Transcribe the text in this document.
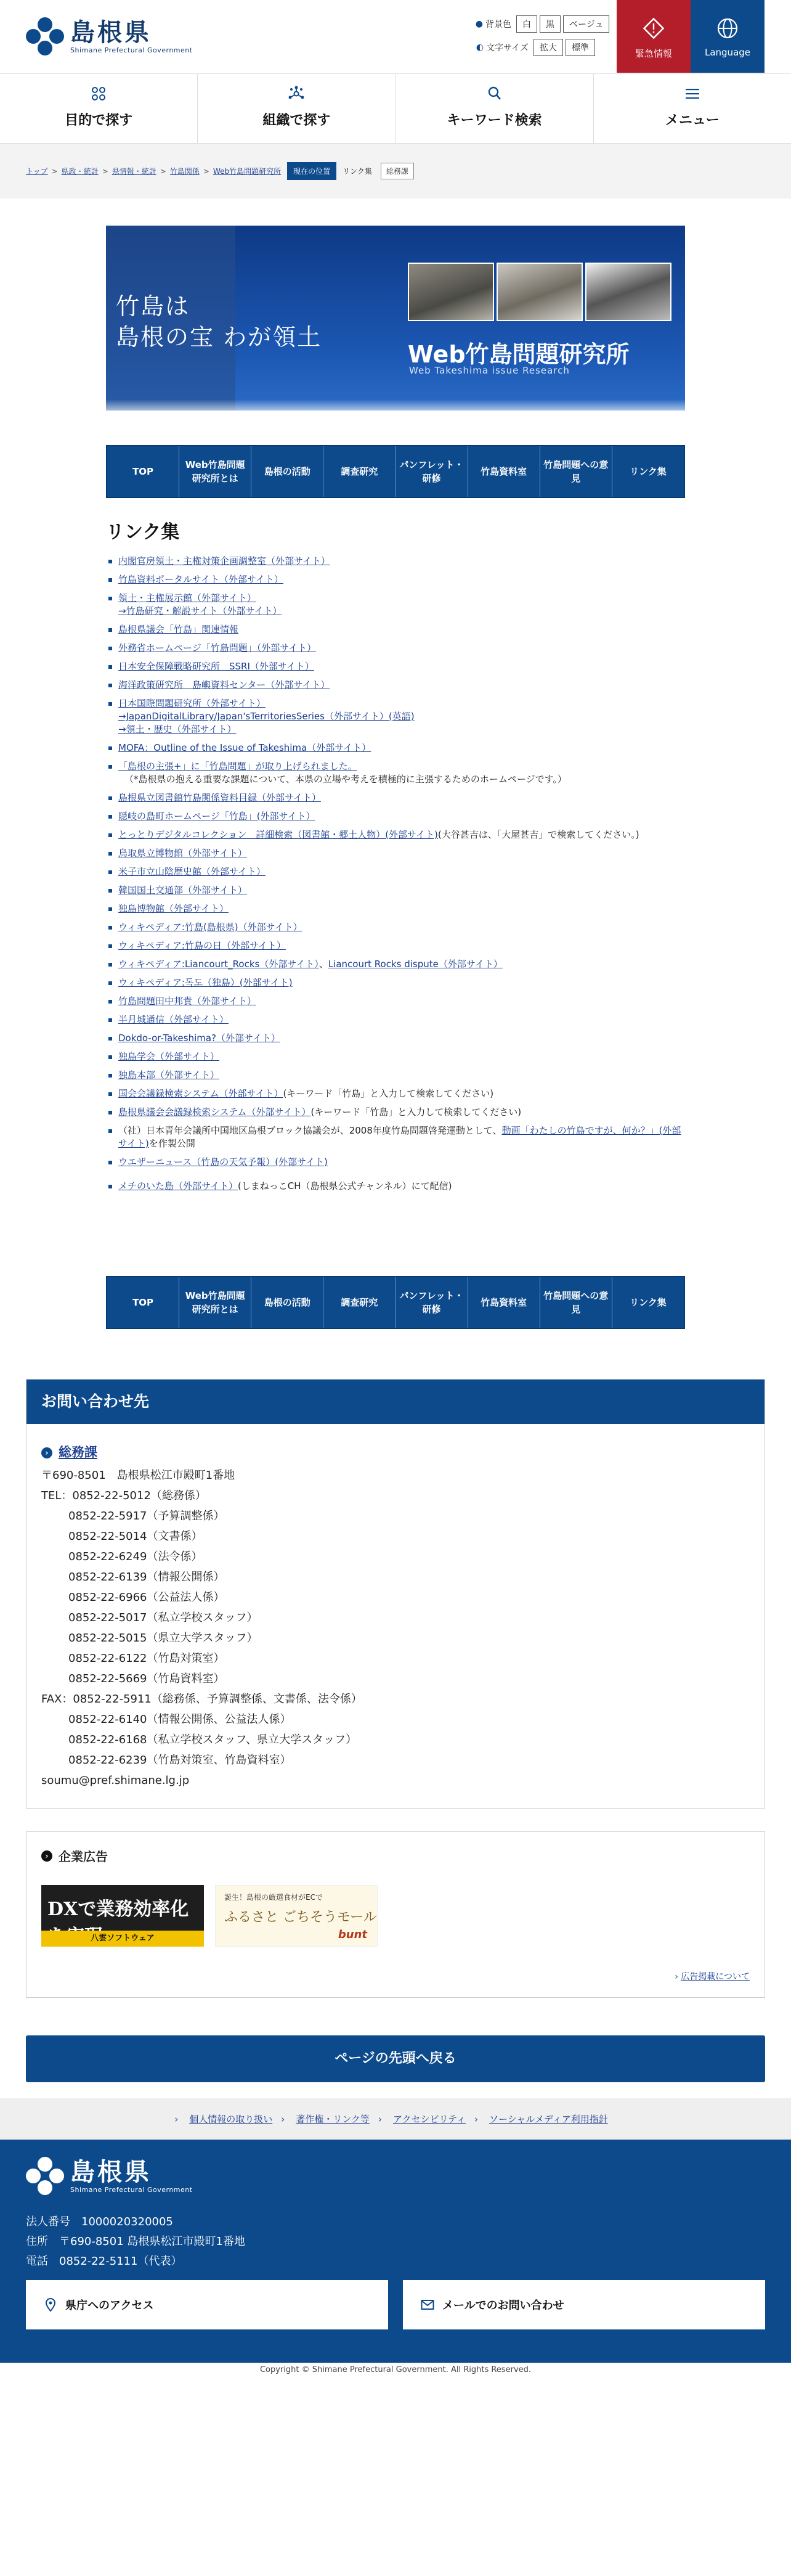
島根県
Shimane Prefectural Government
● 背景色	白	黒	ベージュ
◐ 文字サイズ	拡大	標準
緊急情報	Language
目的で探す	組織で探す	キーワード検索	メニュー
トップ > 県政・統計 > 県情報・統計 > 竹島関係 > Web竹島問題研究所	現在の位置	リンク集	総務課
竹島は
島根の宝 わが領土
Web竹島問題研究所
Web Takeshima issue Research
TOP
Web竹島問題研究所とは
島根の活動	調査研究
パンフレット・研修
竹島資料室
竹島問題への意見
リンク集
リンク集
内閣官房領土・主権対策企画調整室（外部サイト）
竹島資料ポータルサイト（外部サイト）
領土・主権展示館（外部サイト）
→竹島研究・解説サイト（外部サイト）
島根県議会「竹島」関連情報
外務省ホームページ「竹島問題」（外部サイト）
日本安全保障戦略研究所　SSRI（外部サイト）
海洋政策研究所　島嶼資料センター（外部サイト）
日本国際問題研究所（外部サイト）
→JapanDigitalLibrary/Japan'sTerritoriesSeries（外部サイト）(英語)
→領土・歴史（外部サイト）
MOFA：Outline of the Issue of Takeshima（外部サイト）
「島根の主張+」に「竹島問題」が取り上げられました。
（*島根県の抱える重要な課題について、本県の立場や考えを積極的に主張するためのホームページです。）
島根県立図書館竹島関係資料目録（外部サイト）
隠岐の島町ホームページ「竹島」(外部サイト）
とっとりデジタルコレクション　詳細検索（図書館・郷土人物）(外部サイト)(大谷甚吉は、「大屋甚吉」で検索してください。)
鳥取県立博物館（外部サイト）
米子市立山陰歴史館（外部サイト）
韓国国土交通部（外部サイト）
独島博物館（外部サイト）
ウィキペディア:竹島(島根県)（外部サイト）
ウィキペディア:竹島の日（外部サイト）
ウィキペディア:Liancourt_Rocks（外部サイト）、Liancourt Rocks dispute（外部サイト）
ウィキペディア:독도（独島）(外部サイト)
竹島問題田中邦貴（外部サイト）
半月城通信（外部サイト）
Dokdo-or-Takeshima?（外部サイト）
独島学会（外部サイト）
独島本部（外部サイト）
国会会議録検索システム（外部サイト）(キーワード「竹島」と入力して検索してください)
島根県議会会議録検索システム（外部サイト）(キーワード「竹島」と入力して検索してください)
（社）日本青年会議所中国地区島根ブロック協議会が、2008年度竹島問題啓発運動として、動画「わたしの竹島ですが、何か？」(外部サイト)を作製公開
ウエザーニュース（竹島の天気予報）(外部サイト)
メチのいた島（外部サイト）(しまねっこCH（島根県公式チャンネル）にて配信)
TOP
Web竹島問題研究所とは
島根の活動	調査研究
パンフレット・研修
竹島資料室
竹島問題への意見
リンク集
お問い合わせ先
› 総務課
〒690-8501　島根県松江市殿町1番地
TEL：0852-22-5012（総務係）
0852-22-5917（予算調整係）
0852-22-5014（文書係）
0852-22-6249（法令係）
0852-22-6139（情報公開係）
0852-22-6966（公益法人係）
0852-22-5017（私立学校スタッフ）
0852-22-5015（県立大学スタッフ）
0852-22-6122（竹島対策室）
0852-22-5669（竹島資料室）
FAX：0852-22-5911（総務係、予算調整係、文書係、法令係）
0852-22-6140（情報公開係、公益法人係）
0852-22-6168（私立学校スタッフ、県立大学スタッフ）
0852-22-6239（竹島対策室、竹島資料室）
soumu@pref.shimane.lg.jp
› 企業広告
DXで業務効率化
八雲ソフトウェア
誕生！島根の厳選食材がECで
ふるさと ごちそうモール
bunt
› 広告掲載について
ページの先頭へ戻る
› 個人情報の取り扱い › 著作権・リンク等 › アクセシビリティ › ソーシャルメディア利用指針
島根県
Shimane Prefectural Government
法人番号　1000020320005
住所　〒690-8501 島根県松江市殿町1番地
電話　0852-22-5111（代表）
県庁へのアクセス	メールでのお問い合わせ
Copyright © Shimane Prefectural Government. All Rights Reserved.
